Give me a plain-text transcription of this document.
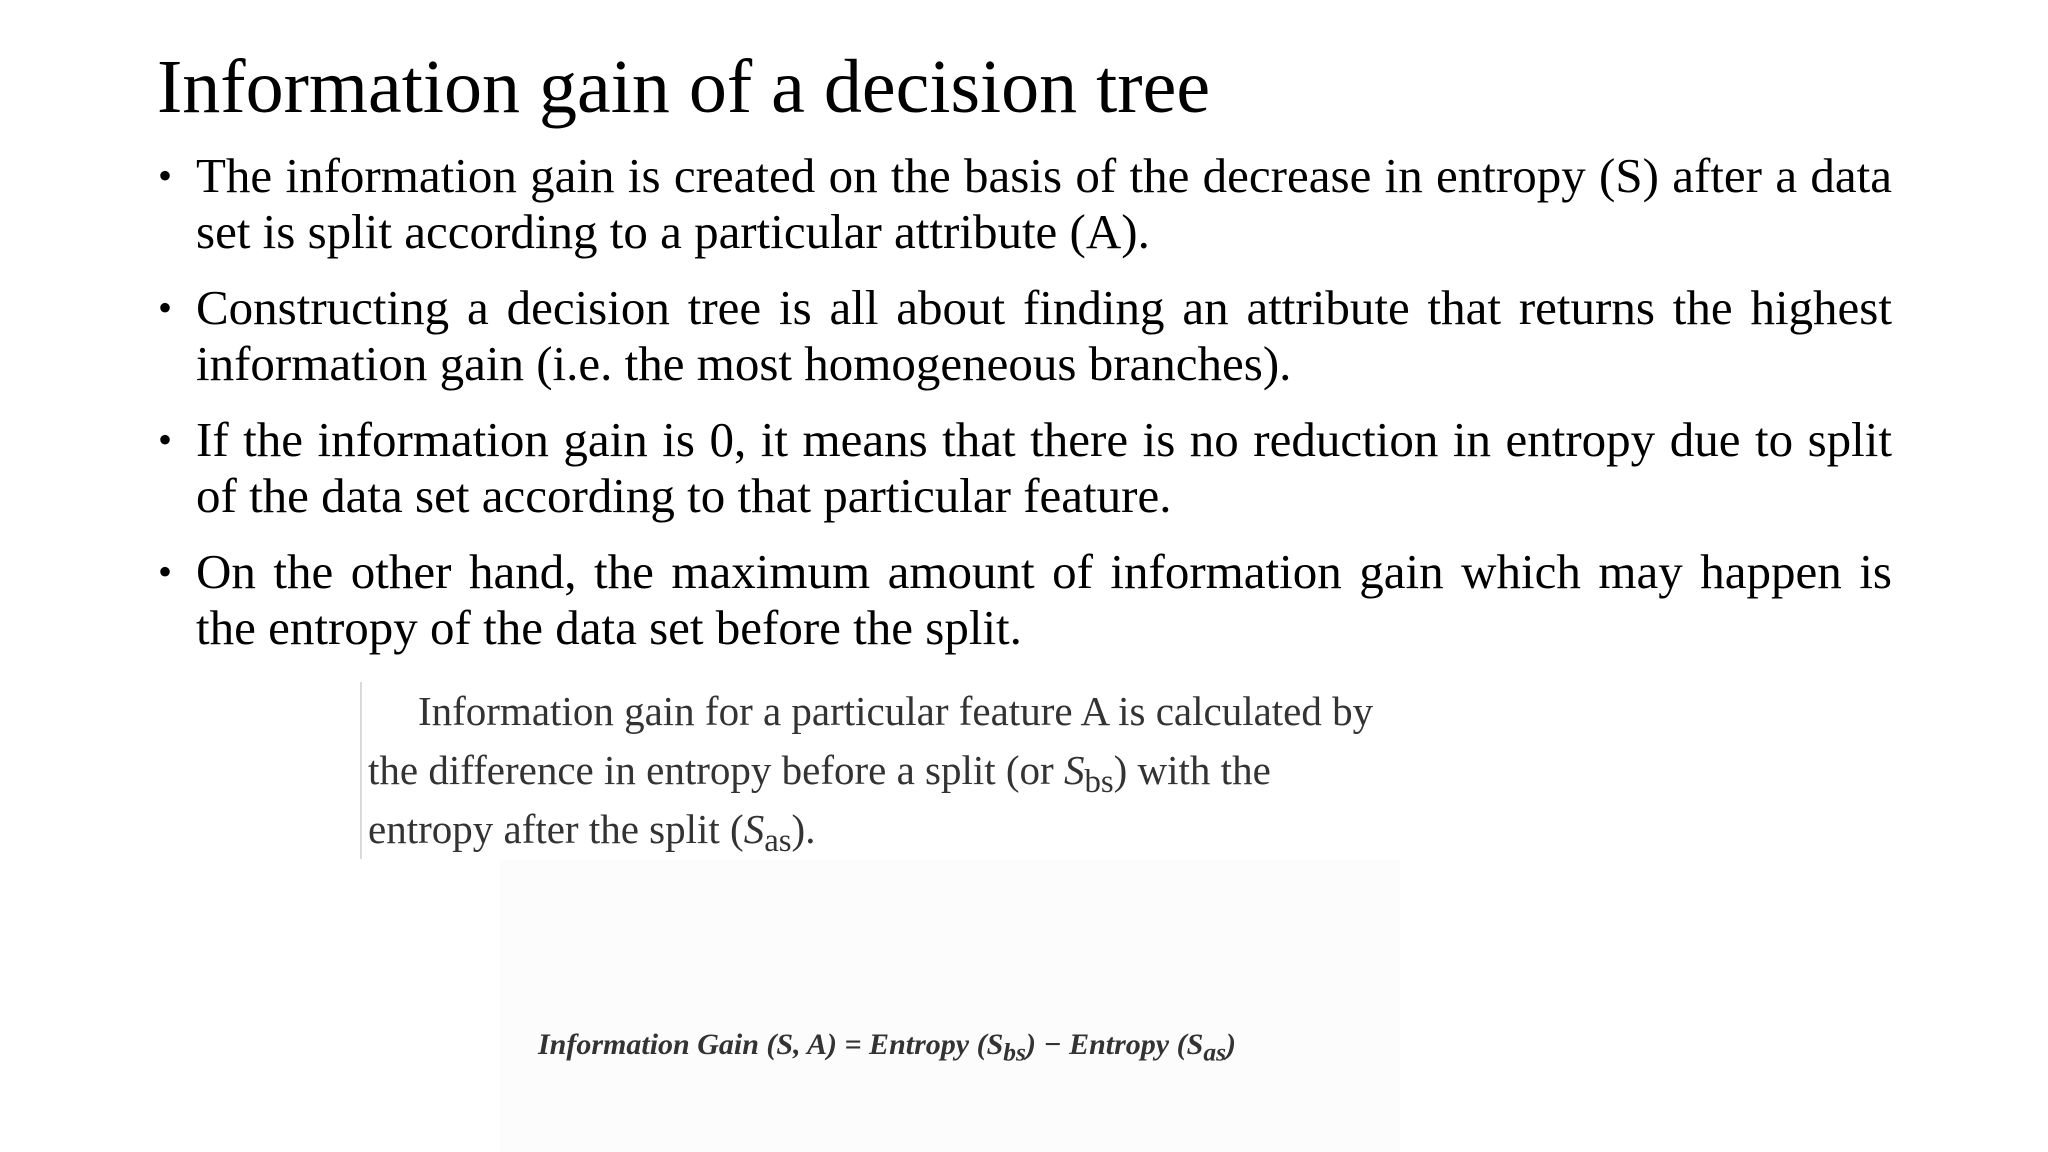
Information gain of a decision tree
• The information gain is created on the basis of the decrease in entropy (S) after a data set is split according to a particular attribute (A).
• Constructing a decision tree is all about finding an attribute that returns the highest information gain (i.e. the most homogeneous branches).
• If the information gain is 0, it means that there is no reduction in entropy due to split of the data set according to that particular feature.
• On the other hand, the maximum amount of information gain which may happen is the entropy of the data set before the split.
Information gain for a particular feature A is calculated by
the difference in entropy before a split (or $S_{bs}$) with the
entropy after the split $(S_{as})$.
Information Gain (S, A) = Entropy $(S_{bs})$ − Entropy $(S_{as})$
